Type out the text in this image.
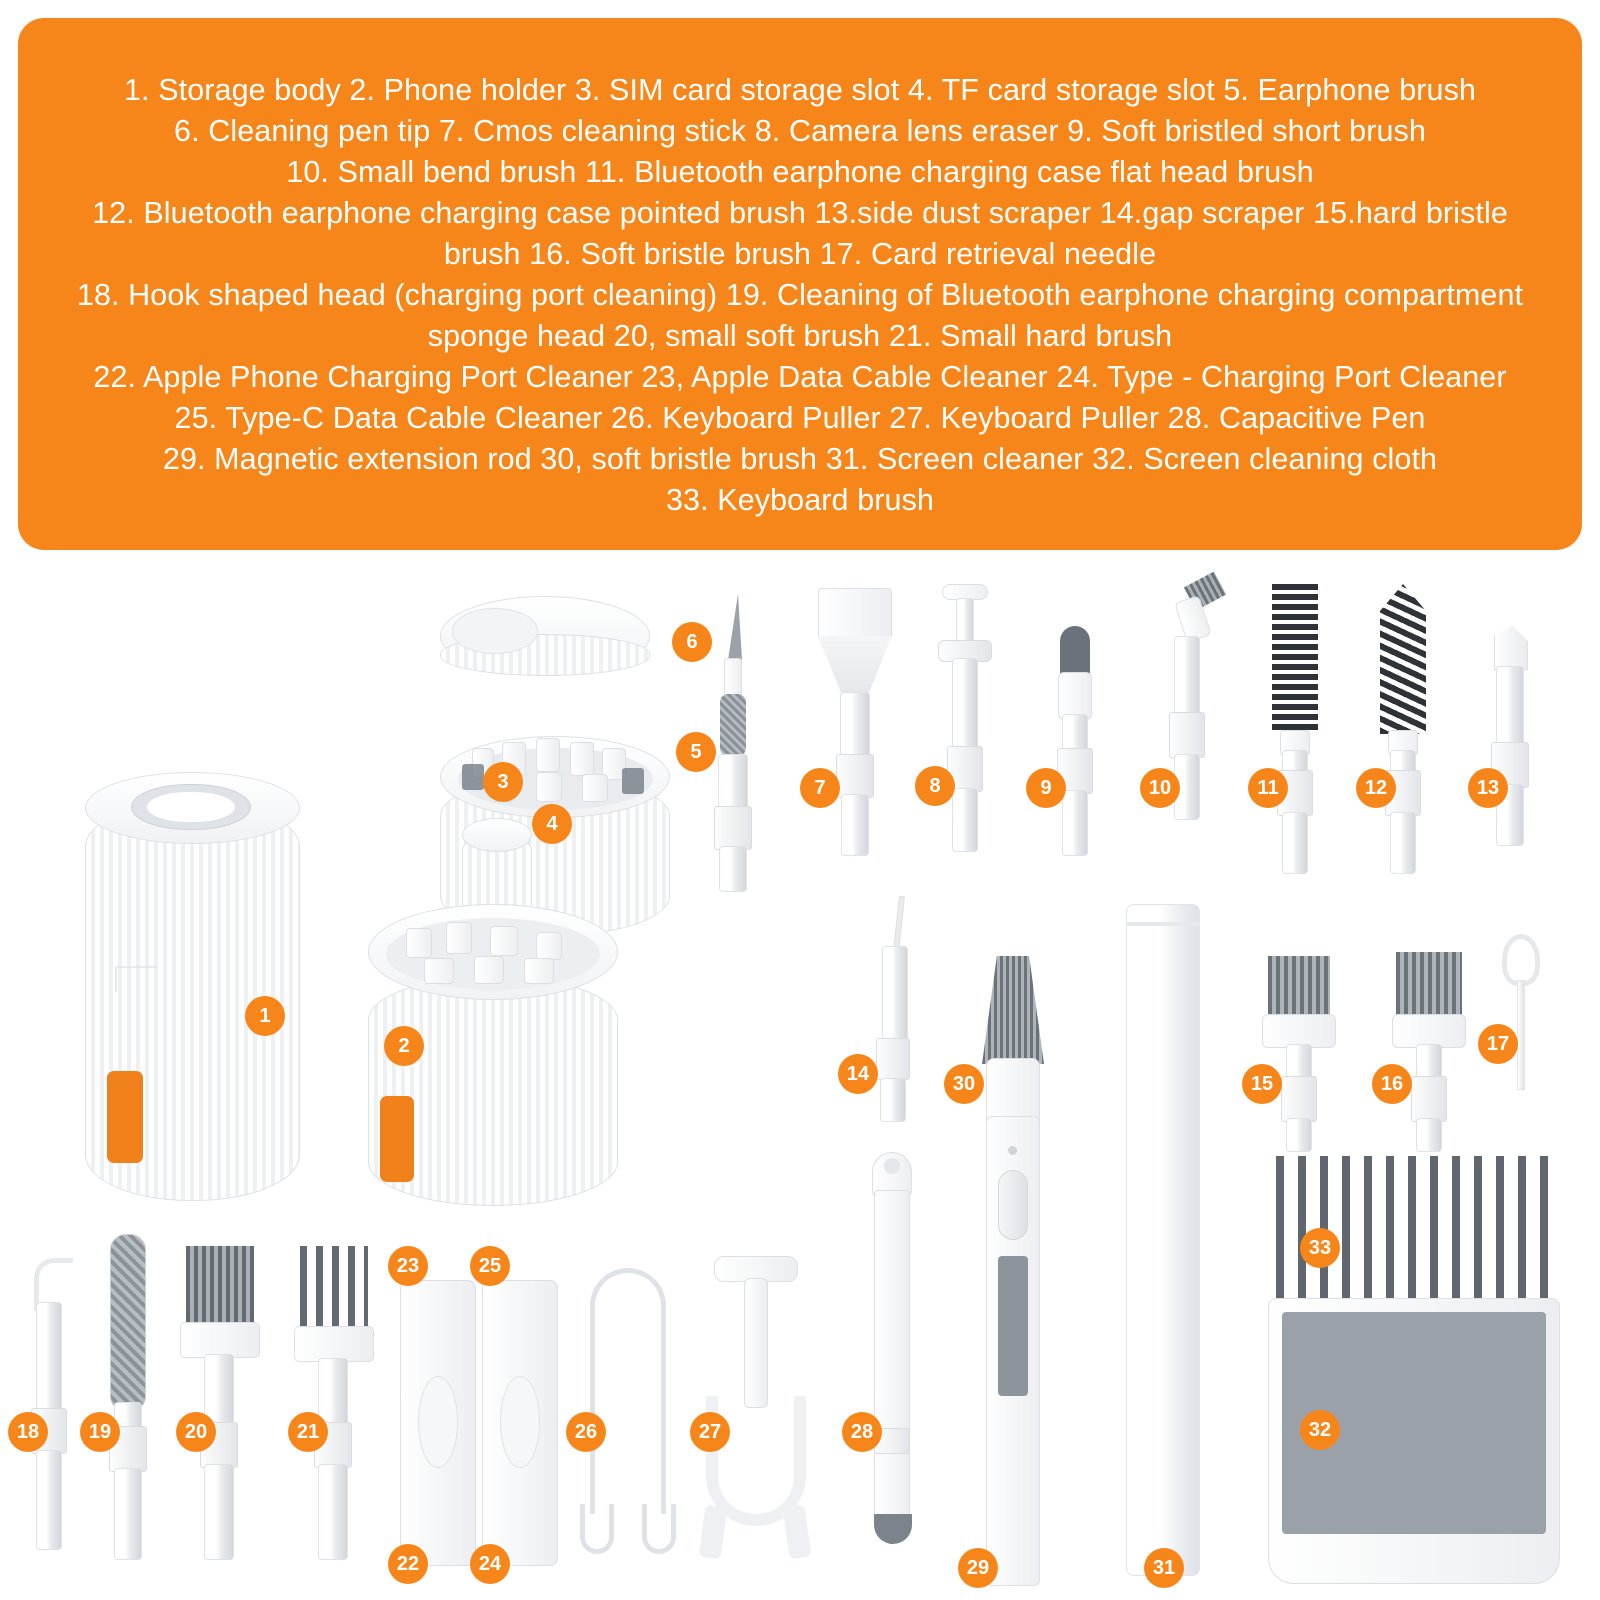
1. Storage body 2. Phone holder 3. SIM card storage slot 4. TF card storage slot 5. Earphone brush
6. Cleaning pen tip 7. Cmos cleaning stick 8. Camera lens eraser 9. Soft bristled short brush
10. Small bend brush 11. Bluetooth earphone charging case flat head brush
12. Bluetooth earphone charging case pointed brush 13.side dust scraper 14.gap scraper 15.hard bristle
brush 16. Soft bristle brush 17. Card retrieval needle
18. Hook shaped head (charging port cleaning) 19. Cleaning of Bluetooth earphone charging compartment
sponge head 20, small soft brush 21. Small hard brush
22. Apple Phone Charging Port Cleaner 23, Apple Data Cable Cleaner 24. Type - Charging Port Cleaner
25. Type-C Data Cable Cleaner 26. Keyboard Puller 27. Keyboard Puller 28. Capacitive Pen
29. Magnetic extension rod 30, soft bristle brush 31. Screen cleaner 32. Screen cleaning cloth
33. Keyboard brush
1
2
3
4
6
5
7	8	9	10	11	12	13
14	30
31
15	16
17
33
32
18	19	20	21
23
22
25
24
26	27	28
29
